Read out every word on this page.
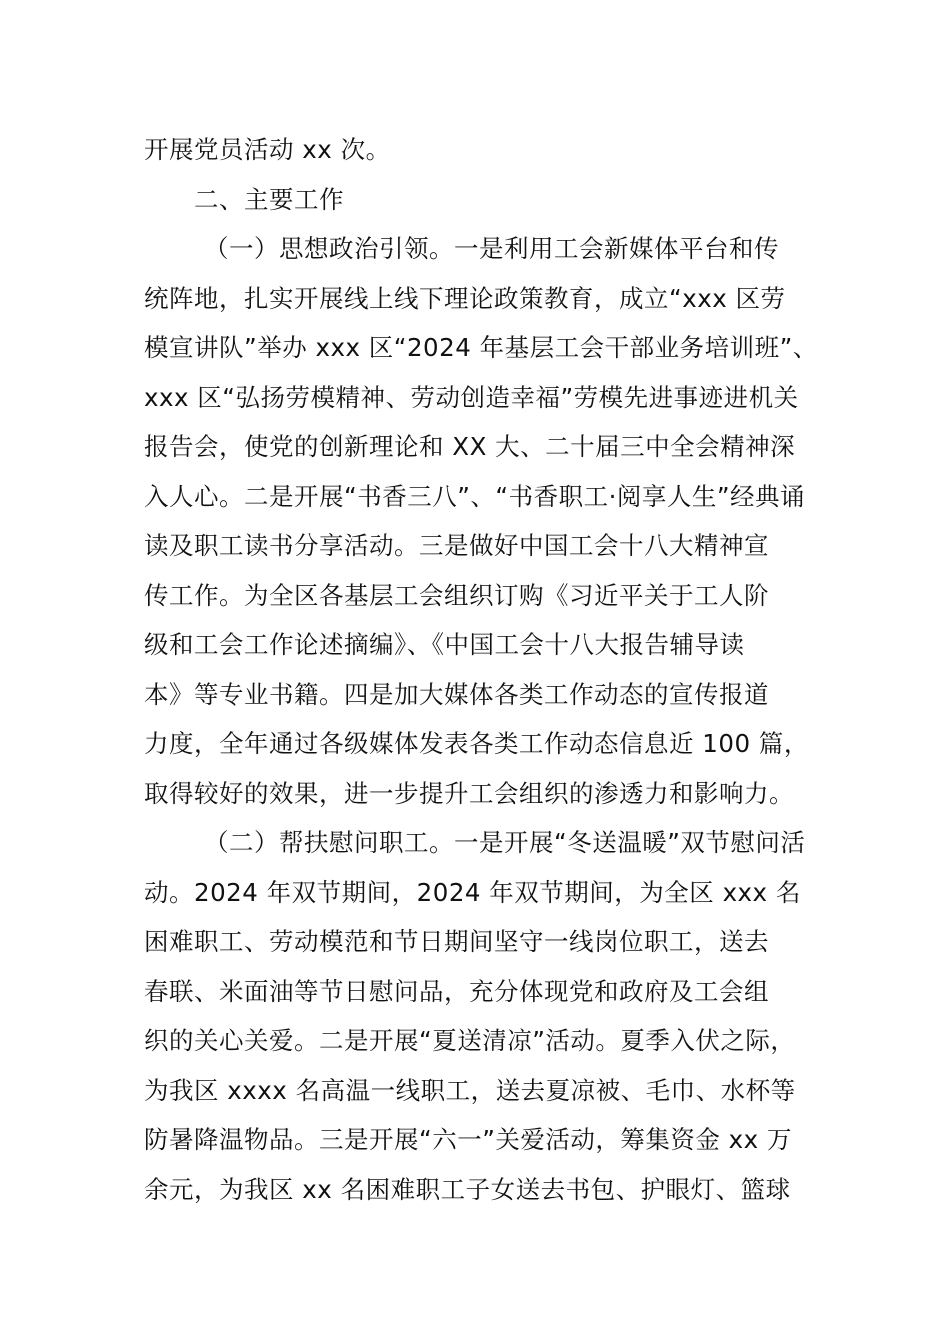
开展党员活动 xx 次。
二、主要工作
（一）思想政治引领。一是利用工会新媒体平台和传
统阵地，扎实开展线上线下理论政策教育，成立“xxx 区劳
模宣讲队”举办 xxx 区“2024 年基层工会干部业务培训班”、
xxx 区“弘扬劳模精神、劳动创造幸福”劳模先进事迹进机关
报告会，使党的创新理论和 XX 大、二十届三中全会精神深
入人心。二是开展“书香三八”、“书香职工·阅享人生”经典诵
读及职工读书分享活动。三是做好中国工会十八大精神宣
传工作。为全区各基层工会组织订购《习近平关于工人阶
级和工会工作论述摘编》、《中国工会十八大报告辅导读
本》等专业书籍。四是加大媒体各类工作动态的宣传报道
力度，全年通过各级媒体发表各类工作动态信息近 100 篇，
取得较好的效果，进一步提升工会组织的渗透力和影响力。
（二）帮扶慰问职工。一是开展“冬送温暖”双节慰问活
动。2024 年双节期间，2024 年双节期间，为全区 xxx 名
困难职工、劳动模范和节日期间坚守一线岗位职工，送去
春联、米面油等节日慰问品，充分体现党和政府及工会组
织的关心关爱。二是开展“夏送清凉”活动。夏季入伏之际，
为我区 xxxx 名高温一线职工，送去夏凉被、毛巾、水杯等
防暑降温物品。三是开展“六一”关爱活动，筹集资金 xx 万
余元，为我区 xx 名困难职工子女送去书包、护眼灯、篮球
